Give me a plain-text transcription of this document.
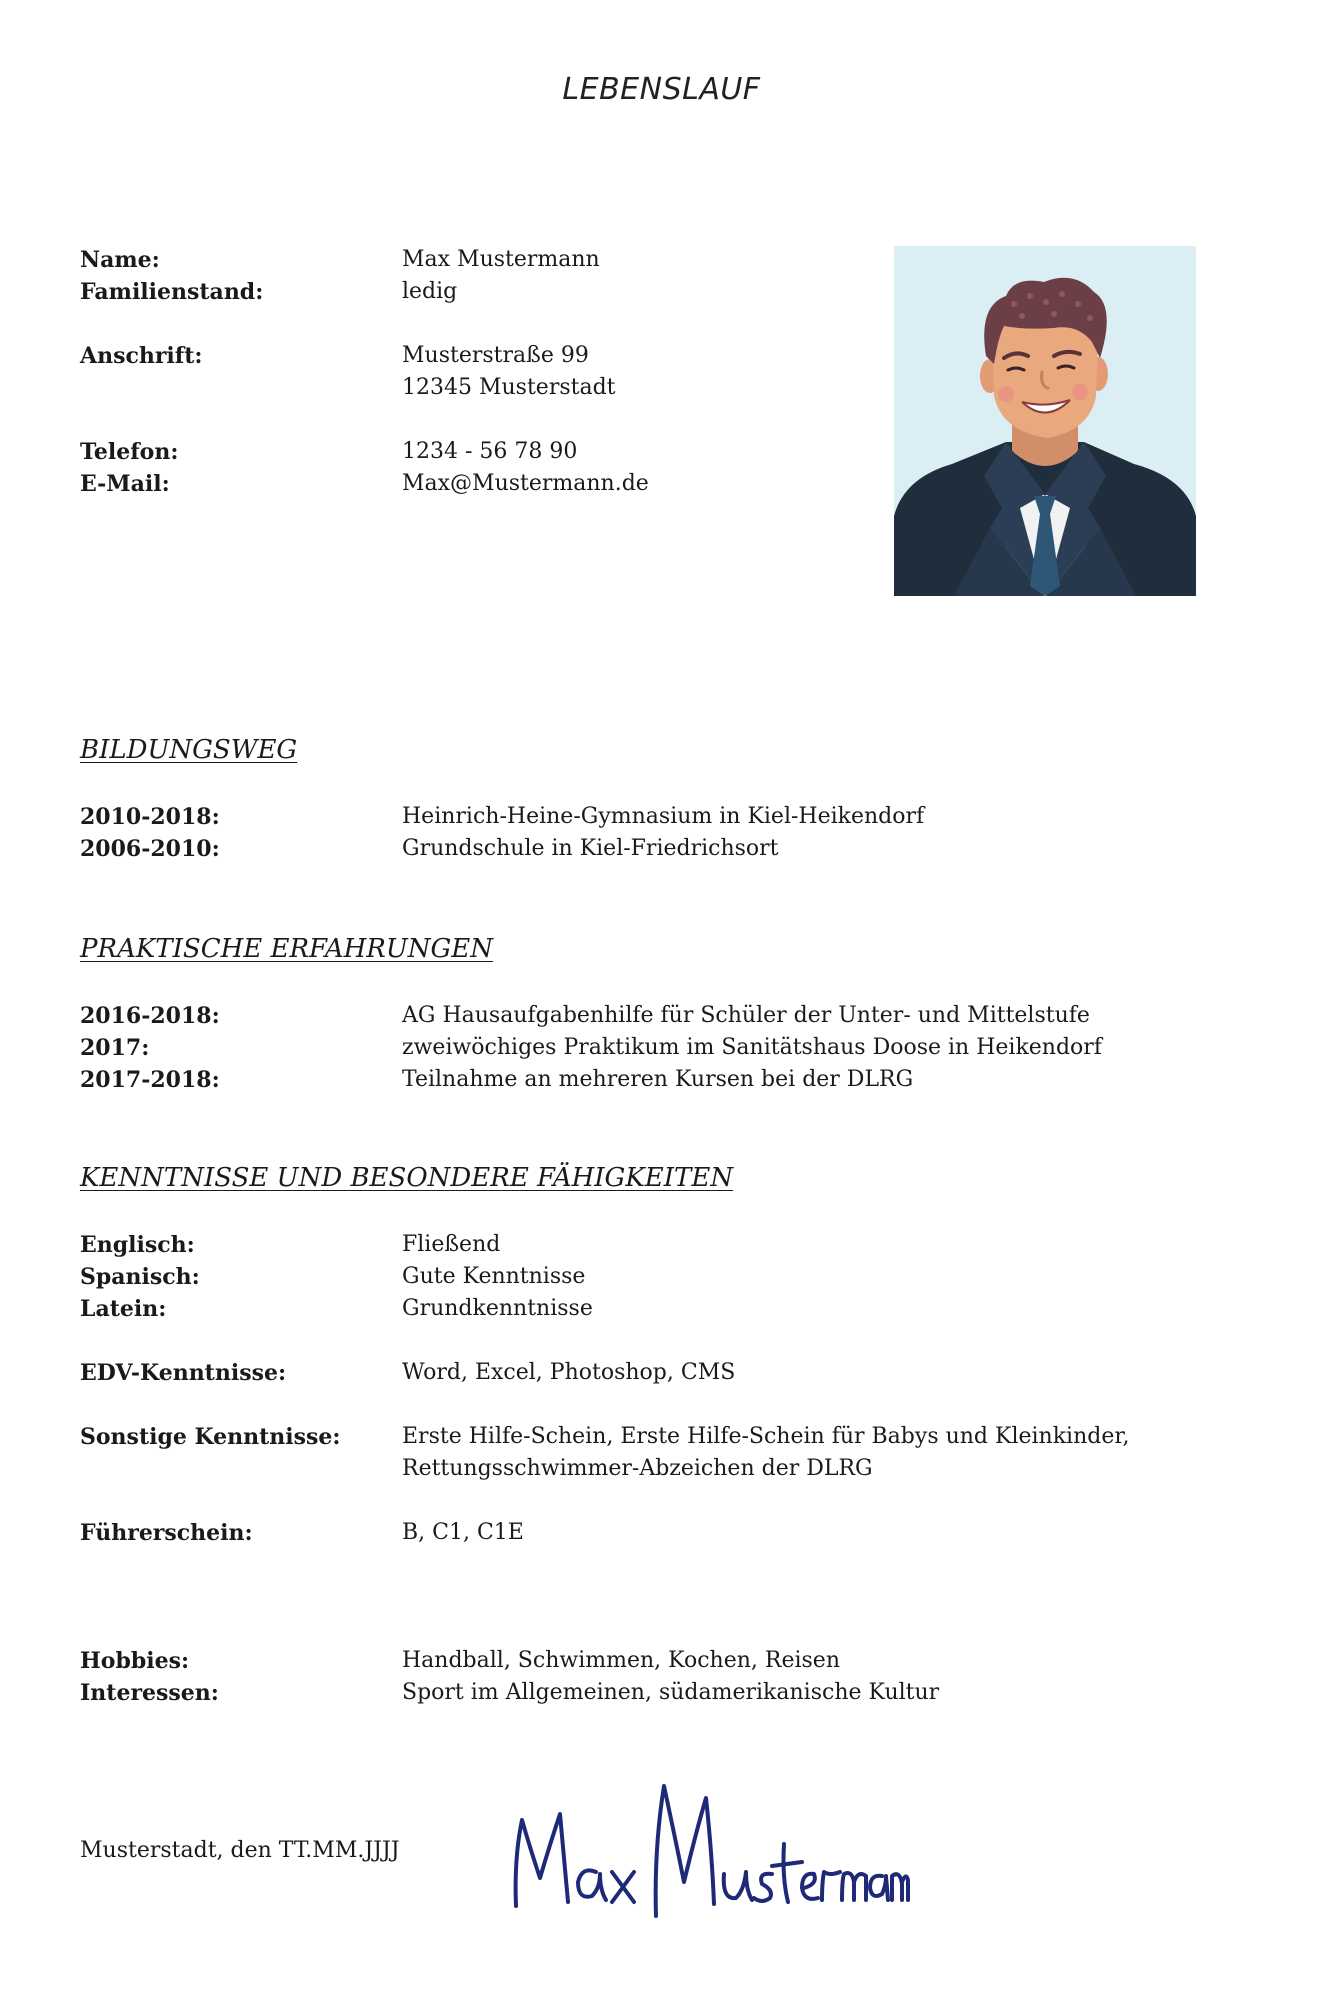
LEBENSLAUF
Name:	Max Mustermann
Familienstand:	ledig
Anschrift:	Musterstraße 99
12345 Musterstadt
Telefon:	1234 - 56 78 90
E-Mail:	Max@Mustermann.de
BILDUNGSWEG
2010-2018:	Heinrich-Heine-Gymnasium in Kiel-Heikendorf
2006-2010:	Grundschule in Kiel-Friedrichsort
PRAKTISCHE ERFAHRUNGEN
2016-2018:	AG Hausaufgabenhilfe für Schüler der Unter- und Mittelstufe
2017:	zweiwöchiges Praktikum im Sanitätshaus Doose in Heikendorf
2017-2018:	Teilnahme an mehreren Kursen bei der DLRG
KENNTNISSE UND BESONDERE FÄHIGKEITEN
Englisch:	Fließend
Spanisch:	Gute Kenntnisse
Latein:	Grundkenntnisse
EDV-Kenntnisse:	Word, Excel, Photoshop, CMS
Sonstige Kenntnisse:	Erste Hilfe-Schein, Erste Hilfe-Schein für Babys und Kleinkinder,
Rettungsschwimmer-Abzeichen der DLRG
Führerschein:	B, C1, C1E
Hobbies:	Handball, Schwimmen, Kochen, Reisen
Interessen:	Sport im Allgemeinen, südamerikanische Kultur
Musterstadt, den TT.MM.JJJJ
